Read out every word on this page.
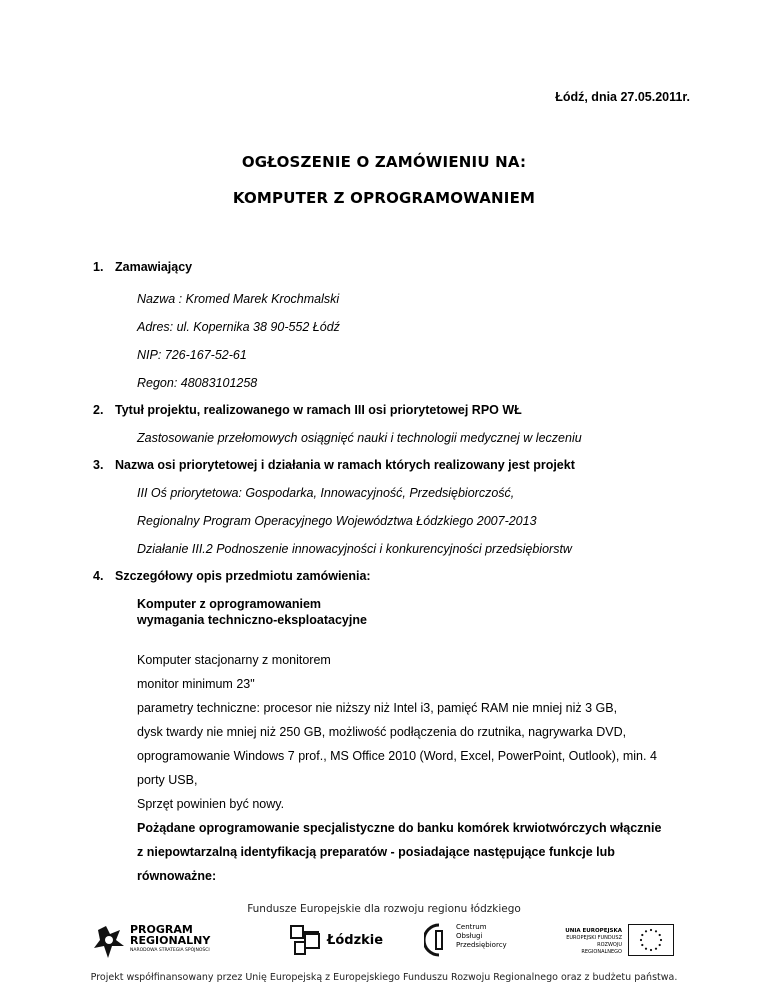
Łódź, dnia 27.05.2011r.
OGŁOSZENIE O ZAMÓWIENIU NA:
KOMPUTER Z OPROGRAMOWANIEM
1. Zamawiający
Nazwa : Kromed Marek Krochmalski
Adres: ul. Kopernika 38 90-552 Łódź
NIP: 726-167-52-61
Regon: 48083101258
2. Tytuł projektu, realizowanego w ramach III osi priorytetowej RPO WŁ
Zastosowanie przełomowych osiągnięć nauki i technologii medycznej w leczeniu
3. Nazwa osi priorytetowej i działania w ramach których realizowany jest projekt
III Oś priorytetowa: Gospodarka, Innowacyjność, Przedsiębiorczość,
Regionalny Program Operacyjnego Województwa Łódzkiego 2007-2013
Działanie III.2 Podnoszenie innowacyjności i konkurencyjności przedsiębiorstw
4. Szczegółowy opis przedmiotu zamówienia:
Komputer z oprogramowaniem
wymagania techniczno-eksploatacyjne
Komputer stacjonarny z monitorem
monitor minimum 23"
parametry techniczne: procesor nie niższy niż Intel i3, pamięć RAM nie mniej niż 3 GB,
dysk twardy nie mniej niż 250 GB, możliwość podłączenia do rzutnika, nagrywarka DVD,
oprogramowanie Windows 7 prof., MS Office 2010 (Word, Excel, PowerPoint, Outlook), min. 4
porty USB,
Sprzęt powinien być nowy.
Pożądane oprogramowanie specjalistyczne do banku komórek krwiotwórczych włącznie
z niepowtarzalną identyfikacją preparatów - posiadające następujące funkcje lub
równoważne:
Fundusze Europejskie dla rozwoju regionu łódzkiego
PROGRAM
REGIONALNY
NARODOWA STRATEGIA SPÓJNOŚCI
Łódzkie
Centrum
Obsługi
Przedsiębiorcy
UNIA EUROPEJSKA
EUROPEJSKI FUNDUSZ
ROZWOJU REGIONALNEGO
Projekt współfinansowany przez Unię Europejską z Europejskiego Funduszu Rozwoju Regionalnego oraz z budżetu państwa.
